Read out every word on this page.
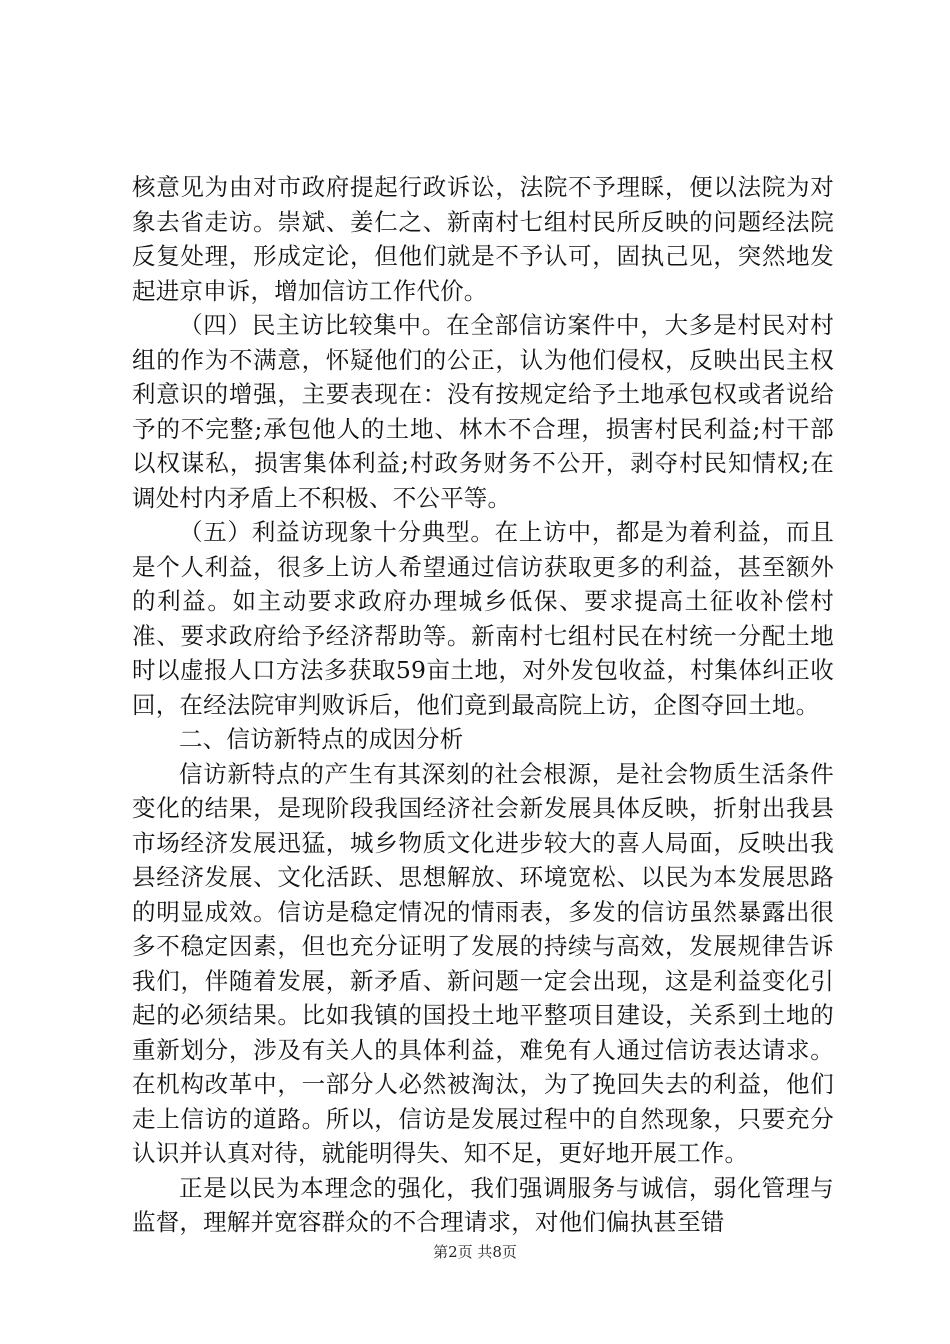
核意见为由对市政府提起行政诉讼，法院不予理睬，便以法院为对象去省走访。崇斌、姜仁之、新南村七组村民所反映的问题经法院反复处理，形成定论，但他们就是不予认可，固执己见，突然地发起进京申诉，增加信访工作代价。

（四）民主访比较集中。在全部信访案件中，大多是村民对村组的作为不满意，怀疑他们的公正，认为他们侵权，反映出民主权利意识的增强，主要表现在：没有按规定给予土地承包权或者说给予的不完整;承包他人的土地、林木不合理，损害村民利益;村干部以权谋私，损害集体利益;村政务财务不公开，剥夺村民知情权;在调处村内矛盾上不积极、不公平等。

（五）利益访现象十分典型。在上访中，都是为着利益，而且是个人利益，很多上访人希望通过信访获取更多的利益，甚至额外的利益。如主动要求政府办理城乡低保、要求提高土征收补偿村准、要求政府给予经济帮助等。新南村七组村民在村统一分配土地时以虚报人口方法多获取59亩土地，对外发包收益，村集体纠正收回，在经法院审判败诉后，他们竟到最高院上访，企图夺回土地。

二、信访新特点的成因分析

信访新特点的产生有其深刻的社会根源，是社会物质生活条件变化的结果，是现阶段我国经济社会新发展具体反映，折射出我县市场经济发展迅猛，城乡物质文化进步较大的喜人局面，反映出我县经济发展、文化活跃、思想解放、环境宽松、以民为本发展思路的明显成效。信访是稳定情况的情雨表，多发的信访虽然暴露出很多不稳定因素，但也充分证明了发展的持续与高效，发展规律告诉我们，伴随着发展，新矛盾、新问题一定会出现，这是利益变化引起的必须结果。比如我镇的国投土地平整项目建设，关系到土地的重新划分，涉及有关人的具体利益，难免有人通过信访表达请求。在机构改革中，一部分人必然被淘汰，为了挽回失去的利益，他们走上信访的道路。所以，信访是发展过程中的自然现象，只要充分认识并认真对待，就能明得失、知不足，更好地开展工作。

正是以民为本理念的强化，我们强调服务与诚信，弱化管理与监督，理解并宽容群众的不合理请求，对他们偏执甚至错

第2页 共8页
